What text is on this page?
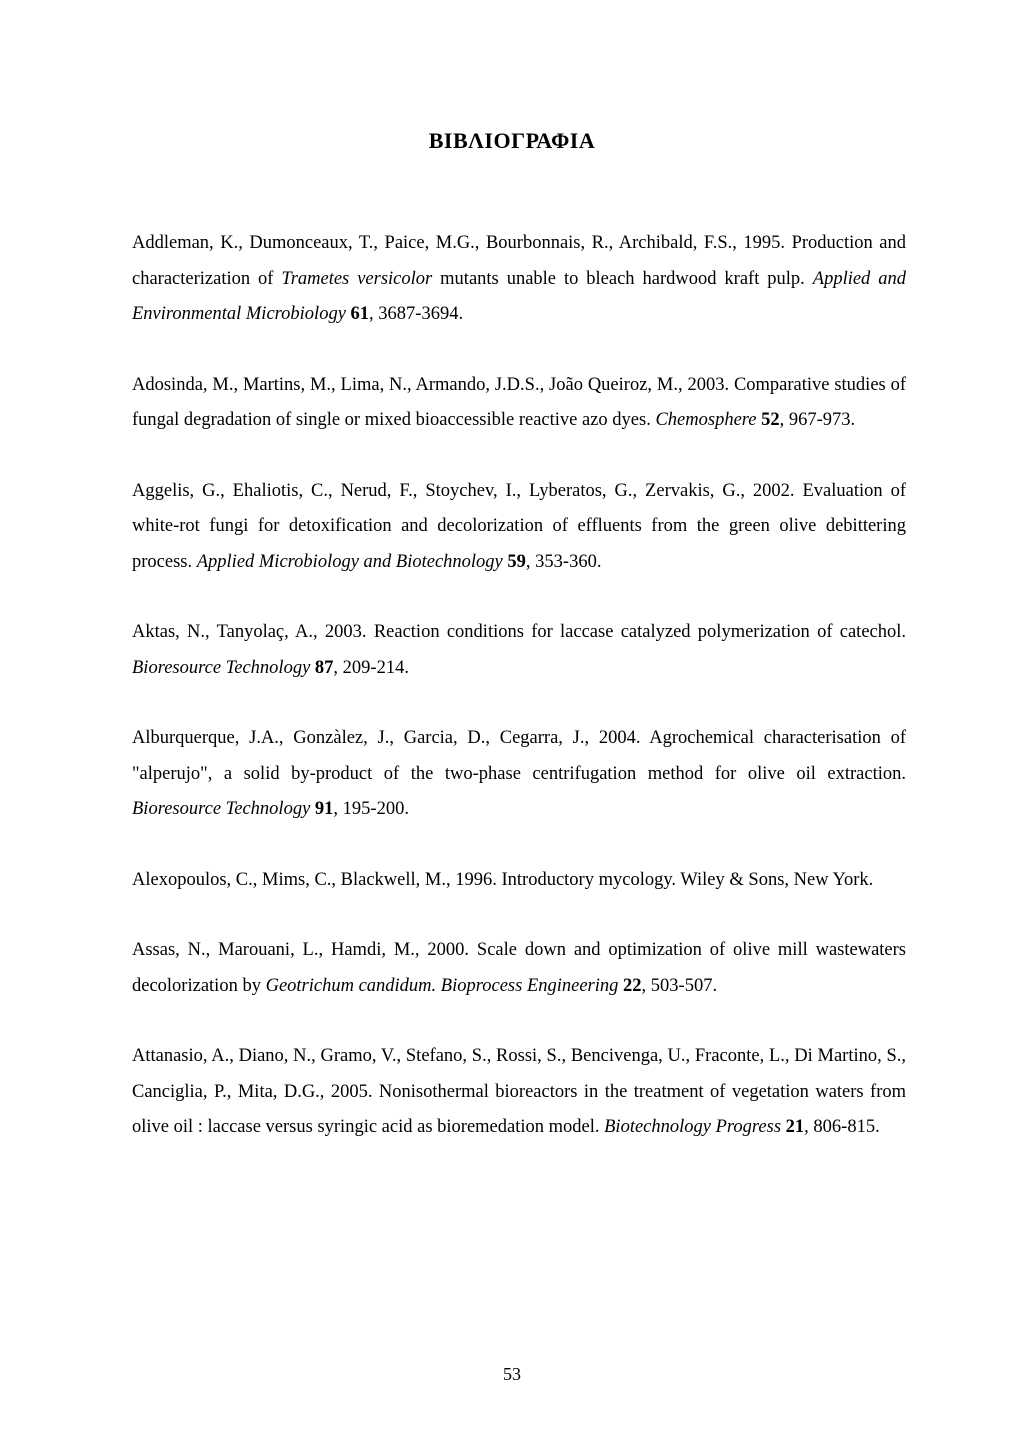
ΒΙΒΛΙΟΓΡΑΦΙΑ

Addleman, K., Dumonceaux, T., Paice, M.G., Bourbonnais, R., Archibald, F.S., 1995. Production and characterization of Trametes versicolor mutants unable to bleach hardwood kraft pulp. Applied and Environmental Microbiology 61, 3687-3694.

Adosinda, M., Martins, M., Lima, N., Armando, J.D.S., João Queiroz, M., 2003. Comparative studies of fungal degradation of single or mixed bioaccessible reactive azo dyes. Chemosphere 52, 967-973.

Aggelis, G., Ehaliotis, C., Nerud, F., Stoychev, I., Lyberatos, G., Zervakis, G., 2002. Evaluation of white-rot fungi for detoxification and decolorization of effluents from the green olive debittering process. Applied Microbiology and Biotechnology 59, 353-360.

Aktas, N., Tanyolaç, A., 2003. Reaction conditions for laccase catalyzed polymerization of catechol. Bioresource Technology 87, 209-214.

Alburquerque, J.A., Gonzàlez, J., Garcia, D., Cegarra, J., 2004. Agrochemical characterisation of "alperujo", a solid by-product of the two-phase centrifugation method for olive oil extraction. Bioresource Technology 91, 195-200.

Alexopoulos, C., Mims, C., Blackwell, M., 1996. Introductory mycology. Wiley & Sons, New York.

Assas, N., Marouani, L., Hamdi, M., 2000. Scale down and optimization of olive mill wastewaters decolorization by Geotrichum candidum. Bioprocess Engineering 22, 503-507.

Attanasio, A., Diano, N., Gramo, V., Stefano, S., Rossi, S., Bencivenga, U., Fraconte, L., Di Martino, S., Canciglia, P., Mita, D.G., 2005. Nonisothermal bioreactors in the treatment of vegetation waters from olive oil : laccase versus syringic acid as bioremedation model. Biotechnology Progress 21, 806-815.

53
